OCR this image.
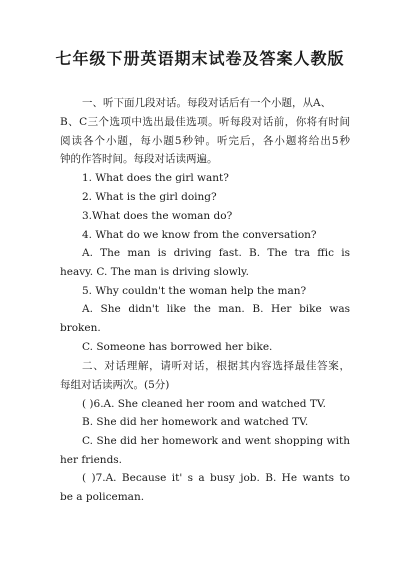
七年级下册英语期末试卷及答案人教版
一、听下面几段对话。每段对话后有一个小题，从A、
B、C三个选项中选出最佳选项。听每段对话前，你将有时间
阅读各个小题，每小题5秒钟。听完后，各小题将给出5秒
钟的作答时间。每段对话读两遍。
1. What does the girl want?
2. What is the girl doing?
3.What does the woman do?
4. What do we know from the conversation?
A. The man is driving fast. B. The tra ffic is
heavy. C. The man is driving slowly.
5. Why couldn't the woman help the man?
A. She didn't like the man. B. Her bike was
broken.
C. Someone has borrowed her bike.
二、对话理解，请听对话，根据其内容选择最佳答案，
每组对话读两次。(5分)
( )6.A. She cleaned her room and watched TV.
B. She did her homework and watched TV.
C. She did her homework and went shopping with
her friends.
( )7.A. Because it' s a busy job. B. He wants to
be a policeman.
